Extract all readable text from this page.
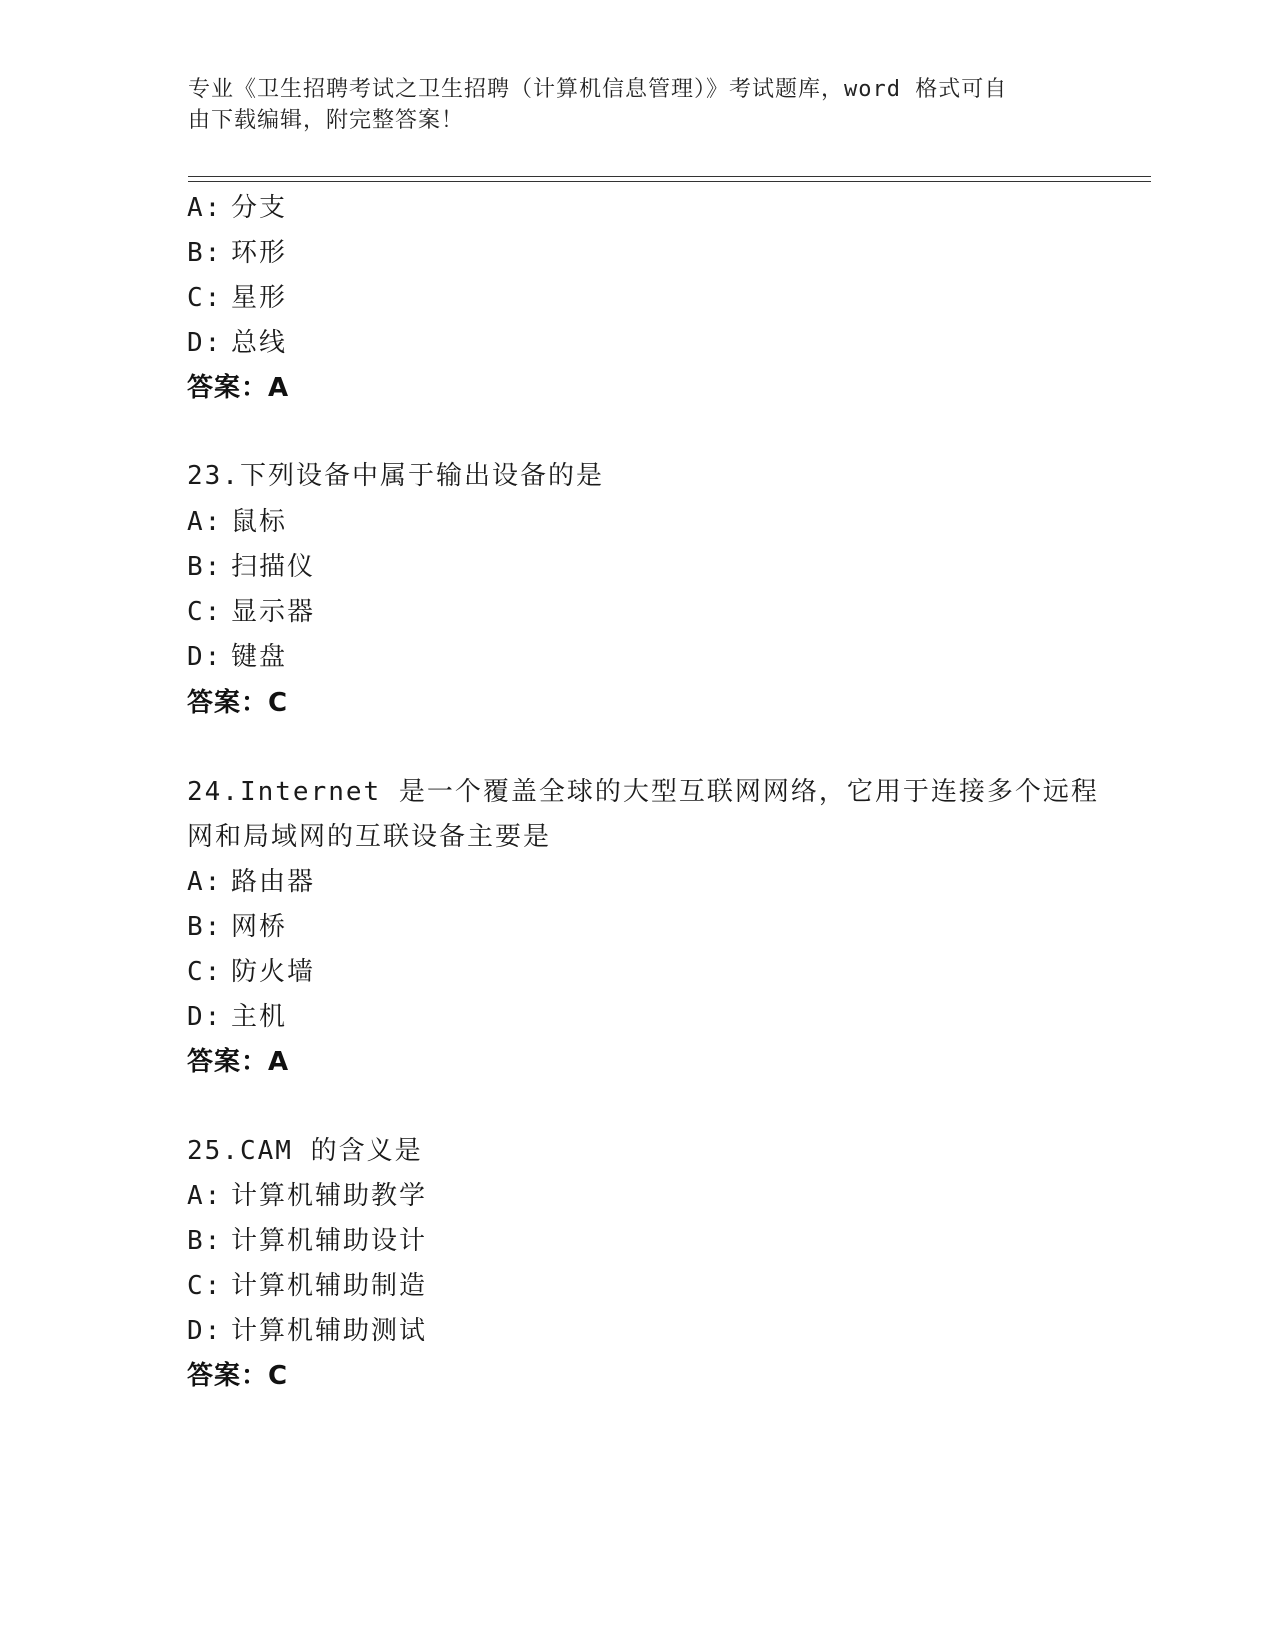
专业《卫生招聘考试之卫生招聘（计算机信息管理）》考试题库，word 格式可自
由下载编辑，附完整答案！
A: 分支
B: 环形
C: 星形
D: 总线
答案：A
23.下列设备中属于输出设备的是
A: 鼠标
B: 扫描仪
C: 显示器
D: 键盘
答案：C
24.Internet 是一个覆盖全球的大型互联网网络，它用于连接多个远程
网和局域网的互联设备主要是
A: 路由器
B: 网桥
C: 防火墙
D: 主机
答案：A
25.CAM 的含义是
A: 计算机辅助教学
B: 计算机辅助设计
C: 计算机辅助制造
D: 计算机辅助测试
答案：C
